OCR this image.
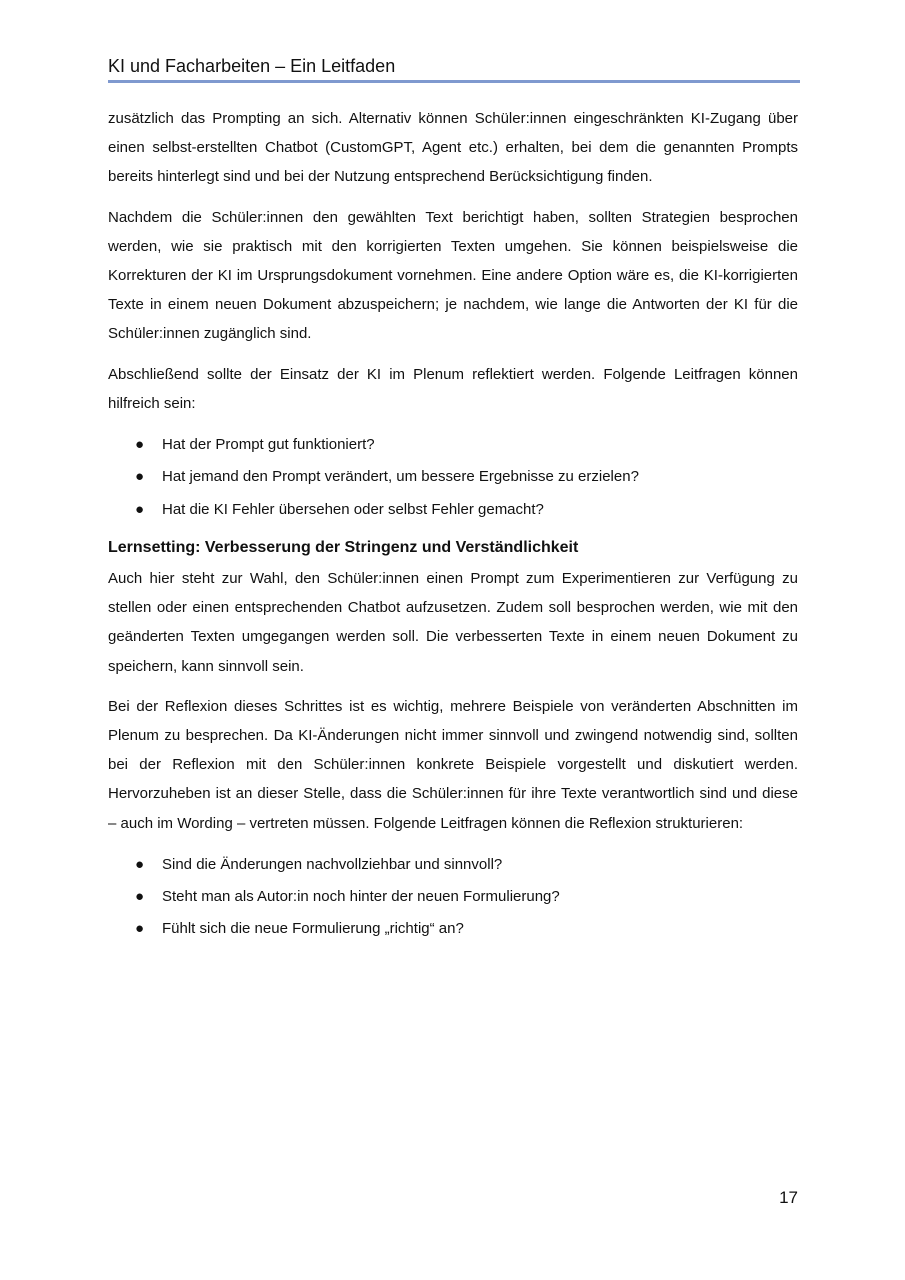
KI und Facharbeiten – Ein Leitfaden

zusätzlich das Prompting an sich. Alternativ können Schüler:innen eingeschränkten KI-Zugang über einen selbst-erstellten Chatbot (CustomGPT, Agent etc.) erhalten, bei dem die genannten Prompts bereits hinterlegt sind und bei der Nutzung entsprechend Berücksichtigung finden.

Nachdem die Schüler:innen den gewählten Text berichtigt haben, sollten Strategien besprochen werden, wie sie praktisch mit den korrigierten Texten umgehen. Sie können beispielsweise die Korrekturen der KI im Ursprungsdokument vornehmen. Eine andere Option wäre es, die KI-korrigierten Texte in einem neuen Dokument abzuspeichern; je nachdem, wie lange die Antworten der KI für die Schüler:innen zugänglich sind.

Abschließend sollte der Einsatz der KI im Plenum reflektiert werden. Folgende Leitfragen können hilfreich sein:

● Hat der Prompt gut funktioniert?
● Hat jemand den Prompt verändert, um bessere Ergebnisse zu erzielen?
● Hat die KI Fehler übersehen oder selbst Fehler gemacht?
Lernsetting: Verbesserung der Stringenz und Verständlichkeit

Auch hier steht zur Wahl, den Schüler:innen einen Prompt zum Experimentieren zur Verfügung zu stellen oder einen entsprechenden Chatbot aufzusetzen. Zudem soll besprochen werden, wie mit den geänderten Texten umgegangen werden soll. Die verbesserten Texte in einem neuen Dokument zu speichern, kann sinnvoll sein.

Bei der Reflexion dieses Schrittes ist es wichtig, mehrere Beispiele von veränderten Abschnitten im Plenum zu besprechen. Da KI-Änderungen nicht immer sinnvoll und zwingend notwendig sind, sollten bei der Reflexion mit den Schüler:innen konkrete Beispiele vorgestellt und diskutiert werden. Hervorzuheben ist an dieser Stelle, dass die Schüler:innen für ihre Texte verantwortlich sind und diese – auch im Wording – vertreten müssen. Folgende Leitfragen können die Reflexion strukturieren:

● Sind die Änderungen nachvollziehbar und sinnvoll?
● Steht man als Autor:in noch hinter der neuen Formulierung?
● Fühlt sich die neue Formulierung „richtig“ an?
17
